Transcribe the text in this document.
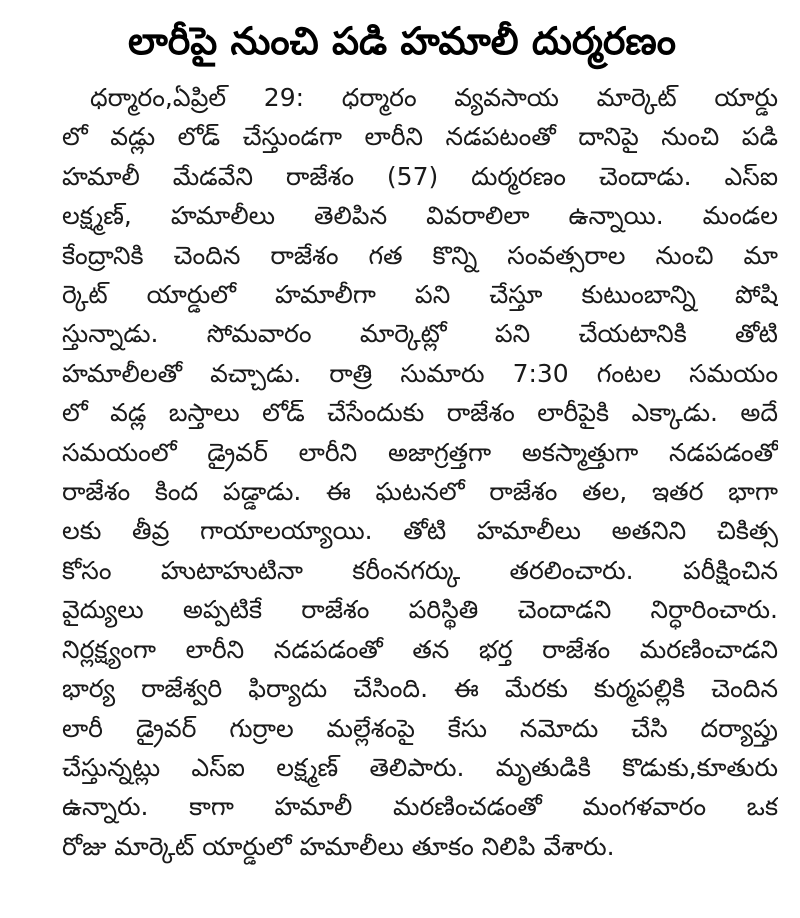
లారీపై నుంచి పడి హమాలీ దుర్మరణం
ధర్మారం,ఏప్రిల్ 29: ధర్మారం వ్యవసాయ మార్కెట్ యార్డు
లో వడ్లు లోడ్ చేస్తుండగా లారీని నడపటంతో దానిపై నుంచి పడి
హమాలీ మేడవేని రాజేశం (57) దుర్మరణం చెందాడు. ఎస్ఐ
లక్ష్మణ్, హమాలీలు తెలిపిన వివరాలిలా ఉన్నాయి. మండల
కేంద్రానికి చెందిన రాజేశం గత కొన్ని సంవత్సరాల నుంచి మా
ర్కెట్ యార్డులో హమాలీగా పని చేస్తూ కుటుంబాన్ని పోషి
స్తున్నాడు. సోమవారం మార్కెట్లో పని చేయటానికి తోటి
హమాలీలతో వచ్చాడు. రాత్రి సుమారు 7:30 గంటల సమయం
లో వడ్ల బస్తాలు లోడ్ చేసేందుకు రాజేశం లారీపైకి ఎక్కాడు. అదే
సమయంలో డ్రైవర్ లారీని అజాగ్రత్తగా అకస్మాత్తుగా నడపడంతో
రాజేశం కింద పడ్డాడు. ఈ ఘటనలో రాజేశం తల, ఇతర భాగా
లకు తీవ్ర గాయాలయ్యాయి. తోటి హమాలీలు అతనిని చికిత్స
కోసం హుటాహుటినా కరీంనగర్కు తరలించారు. పరీక్షించిన
వైద్యులు అప్పటికే రాజేశం పరిస్థితి చెందాడని నిర్ధారించారు.
నిర్లక్ష్యంగా లారీని నడపడంతో తన భర్త రాజేశం మరణించాడని
భార్య రాజేశ్వరి ఫిర్యాదు చేసింది. ఈ మేరకు కుర్మపల్లికి చెందిన
లారీ డ్రైవర్ గుర్రాల మల్లేశంపై కేసు నమోదు చేసి దర్యాప్తు
చేస్తున్నట్లు ఎస్ఐ లక్ష్మణ్ తెలిపారు. మృతుడికి కొడుకు,కూతురు
ఉన్నారు. కాగా హమాలీ మరణించడంతో మంగళవారం ఒక
రోజు మార్కెట్ యార్డులో హమాలీలు తూకం నిలిపి వేశారు.
